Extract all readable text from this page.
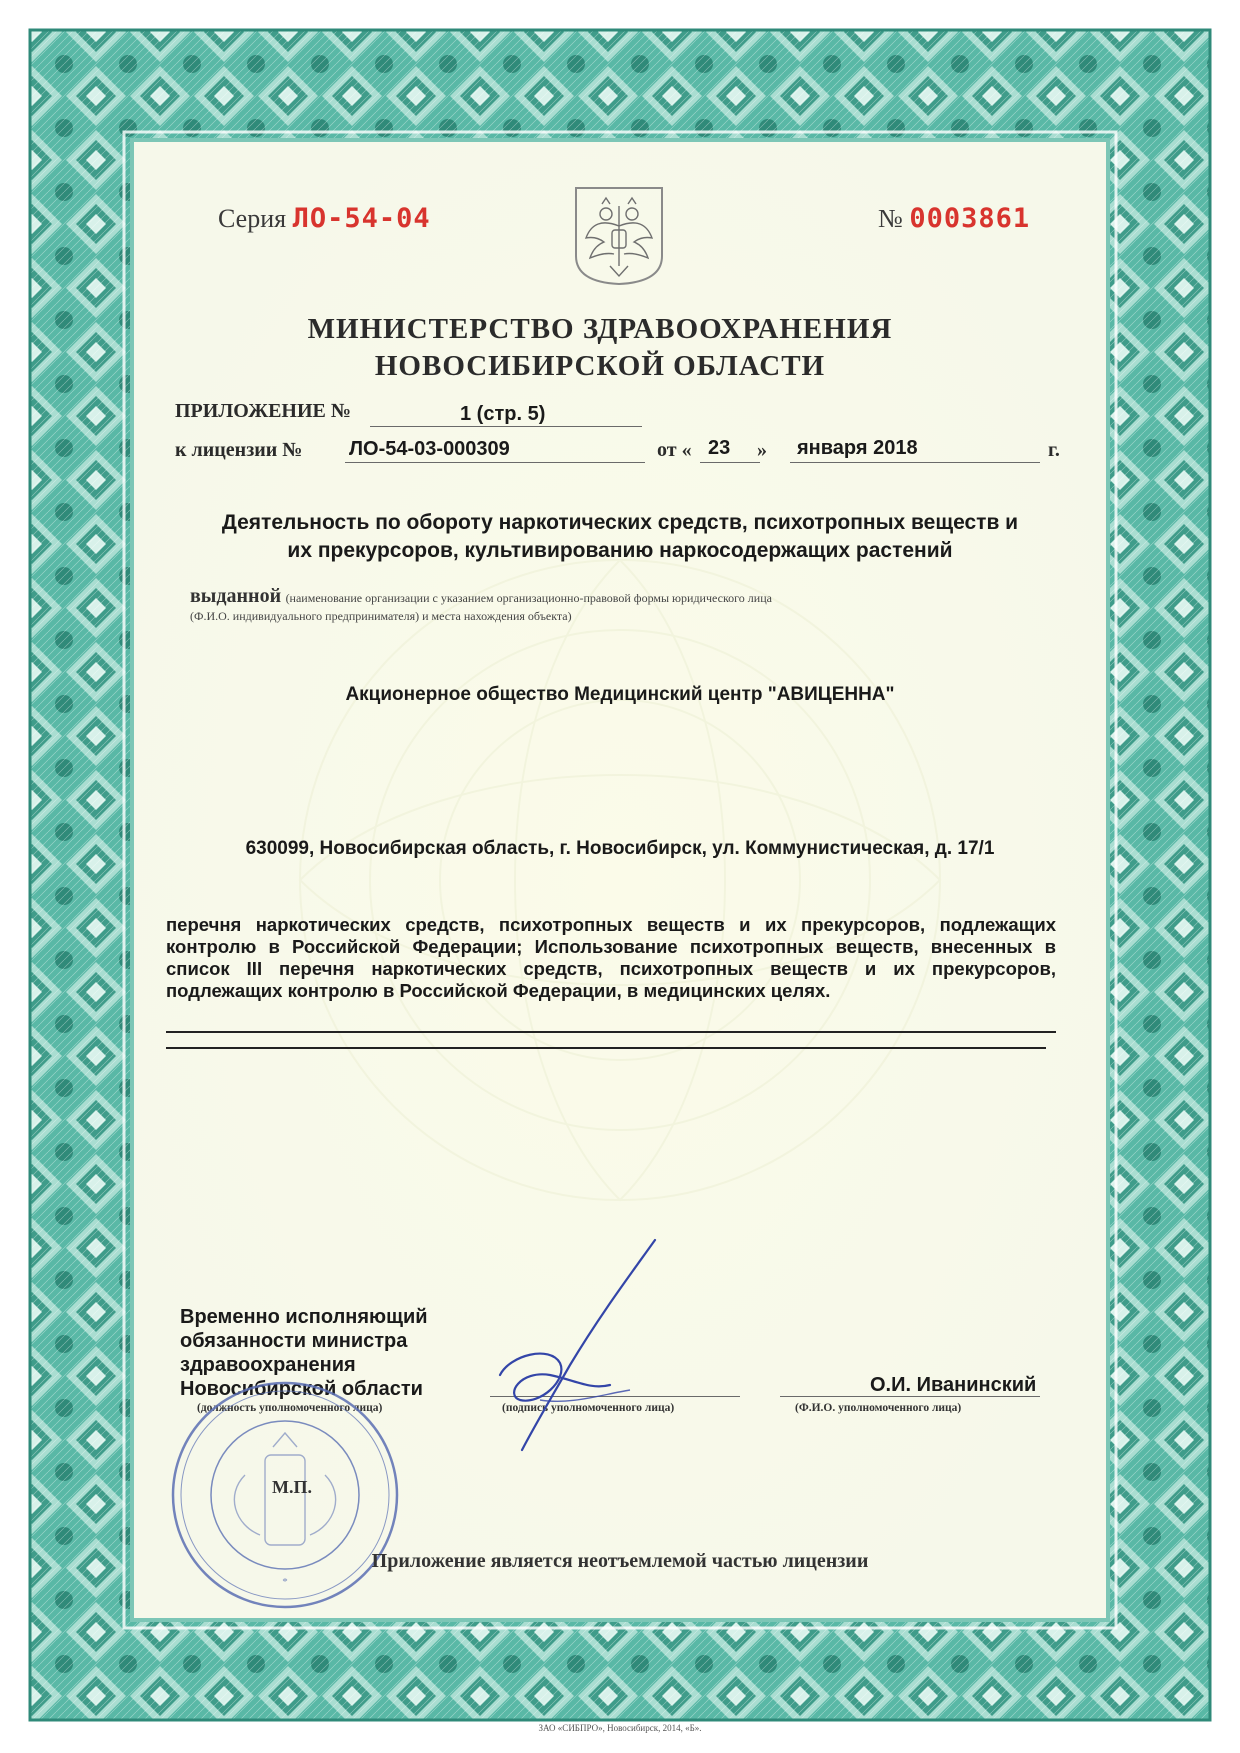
Серия ЛО-54-04	№ 0003861
МИНИСТЕРСТВО ЗДРАВООХРАНЕНИЯ
НОВОСИБИРСКОЙ ОБЛАСТИ
ПРИЛОЖЕНИЕ №	1 (стр. 5)
к лицензии № ЛО-54-03-000309	от « 23 » января 2018	г.
Деятельность по обороту наркотических средств, психотропных веществ и
их прекурсоров, культивированию наркосодержащих растений
выданной (наименование организации с указанием организационно-правовой формы юридического лица
(Ф.И.О. индивидуального предпринимателя) и места нахождения объекта)
Акционерное общество Медицинский центр "АВИЦЕННА"
630099, Новосибирская область, г. Новосибирск, ул. Коммунистическая, д. 17/1
перечня наркотических средств, психотропных веществ и их прекурсоров, подлежащих контролю в Российской Федерации; Использование психотропных веществ, внесенных в список III перечня наркотических средств, психотропных веществ и их прекурсоров, подлежащих контролю в Российской Федерации, в медицинских целях.
Временно исполняющий
обязанности министра
здравоохранения
Новосибирской области	О.И. Иванинский
(должность уполномоченного лица)	(подпись уполномоченного лица)	(Ф.И.О. уполномоченного лица)
*
М.П.
Приложение является неотъемлемой частью лицензии
ЗАО «СИБПРО», Новосибирск, 2014, «Б».
